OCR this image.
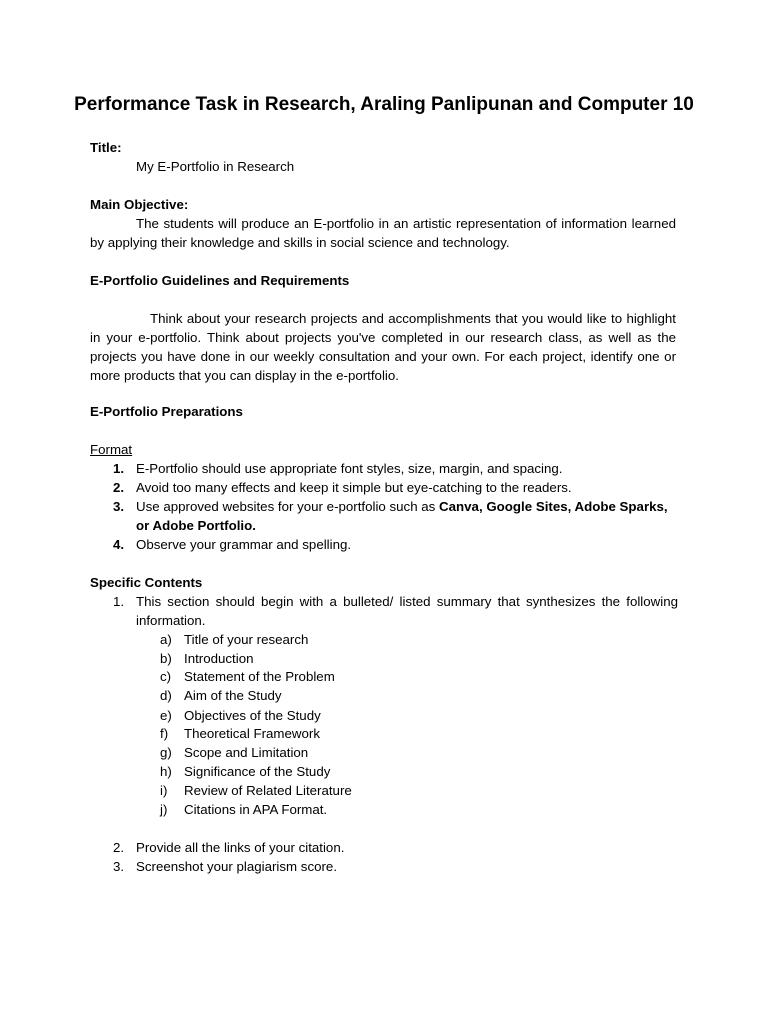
Performance Task in Research, Araling Panlipunan and Computer 10
Title:
My E-Portfolio in Research
Main Objective:
The students will produce an E-portfolio in an artistic representation of information learned by applying their knowledge and skills in social science and technology.
E-Portfolio Guidelines and Requirements
Think about your research projects and accomplishments that you would like to highlight in your e-portfolio. Think about projects you've completed in our research class, as well as the projects you have done in our weekly consultation and your own. For each project, identify one or more products that you can display in the e-portfolio.
E-Portfolio Preparations
Format
1. E-Portfolio should use appropriate font styles, size, margin, and spacing.
2. Avoid too many effects and keep it simple but eye-catching to the readers.
3. Use approved websites for your e-portfolio such as Canva, Google Sites, Adobe Sparks, or Adobe Portfolio.
4. Observe your grammar and spelling.
Specific Contents
1. This section should begin with a bulleted/ listed summary that synthesizes the following information.
a) Title of your research
b) Introduction
c) Statement of the Problem
d) Aim of the Study
e) Objectives of the Study
f) Theoretical Framework
g) Scope and Limitation
h) Significance of the Study
i) Review of Related Literature
j) Citations in APA Format.
2. Provide all the links of your citation.
3. Screenshot your plagiarism score.
